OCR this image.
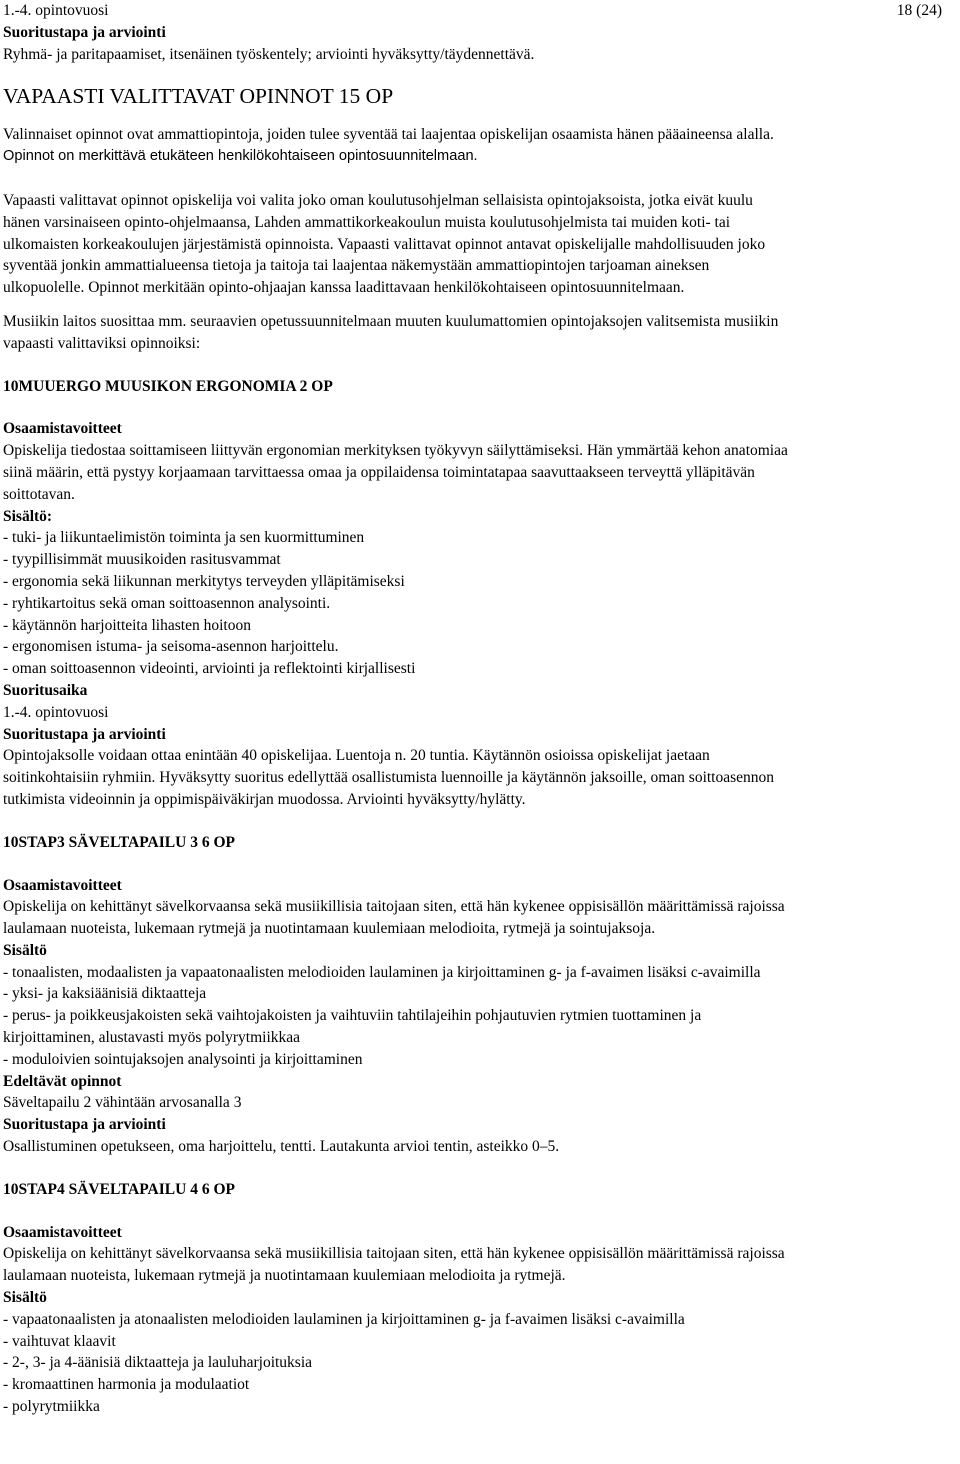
18 (24)

1.-4. opintovuosi

Suoritustapa ja arviointi

Ryhmä- ja paritapaamiset, itsenäinen työskentely; arviointi hyväksytty/täydennettävä.

VAPAASTI VALITTAVAT OPINNOT 15 OP

Valinnaiset opinnot ovat ammattiopintoja, joiden tulee syventää tai laajentaa opiskelijan osaamista hänen pääaineensa alalla.

Opinnot on merkittävä etukäteen henkilökohtaiseen opintosuunnitelmaan.

Vapaasti valittavat opinnot opiskelija voi valita joko oman koulutusohjelman sellaisista opintojaksoista, jotka eivät kuulu

hänen varsinaiseen opinto-ohjelmaansa, Lahden ammattikorkeakoulun muista koulutusohjelmista tai muiden koti- tai

ulkomaisten korkeakoulujen järjestämistä opinnoista. Vapaasti valittavat opinnot antavat opiskelijalle mahdollisuuden joko

syventää jonkin ammattialueensa tietoja ja taitoja tai laajentaa näkemystään ammattiopintojen tarjoaman aineksen

ulkopuolelle. Opinnot merkitään opinto-ohjaajan kanssa laadittavaan henkilökohtaiseen opintosuunnitelmaan.

Musiikin laitos suosittaa mm. seuraavien opetussuunnitelmaan muuten kuulumattomien opintojaksojen valitsemista musiikin

vapaasti valittaviksi opinnoiksi:

10MUUERGO MUUSIKON ERGONOMIA 2 OP

Osaamistavoitteet

Opiskelija tiedostaa soittamiseen liittyvän ergonomian merkityksen työkyvyn säilyttämiseksi. Hän ymmärtää kehon anatomiaa

siinä määrin, että pystyy korjaamaan tarvittaessa omaa ja oppilaidensa toimintatapaa saavuttaakseen terveyttä ylläpitävän

soittotavan.

Sisältö:

- tuki- ja liikuntaelimistön toiminta ja sen kuormittuminen

- tyypillisimmät muusikoiden rasitusvammat

- ergonomia sekä liikunnan merkitytys terveyden ylläpitämiseksi

- ryhtikartoitus sekä oman soittoasennon analysointi.

- käytännön harjoitteita lihasten hoitoon

- ergonomisen istuma- ja seisoma-asennon harjoittelu.

- oman soittoasennon videointi, arviointi ja reflektointi kirjallisesti

Suoritusaika

1.-4. opintovuosi

Suoritustapa ja arviointi

Opintojaksolle voidaan ottaa enintään 40 opiskelijaa. Luentoja n. 20 tuntia. Käytännön osioissa opiskelijat jaetaan

soitinkohtaisiin ryhmiin. Hyväksytty suoritus edellyttää osallistumista luennoille ja käytännön jaksoille, oman soittoasennon

tutkimista videoinnin ja oppimispäiväkirjan muodossa. Arviointi hyväksytty/hylätty.

10STAP3 SÄVELTAPAILU 3 6 OP

Osaamistavoitteet

Opiskelija on kehittänyt sävelkorvaansa sekä musiikillisia taitojaan siten, että hän kykenee oppisisällön määrittämissä rajoissa

laulamaan nuoteista, lukemaan rytmejä ja nuotintamaan kuulemiaan melodioita, rytmejä ja sointujaksoja.

Sisältö

- tonaalisten, modaalisten ja vapaatonaalisten melodioiden laulaminen ja kirjoittaminen g- ja f-avaimen lisäksi c-avaimilla

- yksi- ja kaksiäänisiä diktaatteja

- perus- ja poikkeusjakoisten sekä vaihtojakoisten ja vaihtuviin tahtilajeihin pohjautuvien rytmien tuottaminen ja

kirjoittaminen, alustavasti myös polyrytmiikkaa

- moduloivien sointujaksojen analysointi ja kirjoittaminen

Edeltävät opinnot

Säveltapailu 2 vähintään arvosanalla 3

Suoritustapa ja arviointi

Osallistuminen opetukseen, oma harjoittelu, tentti. Lautakunta arvioi tentin, asteikko 0–5.

10STAP4 SÄVELTAPAILU 4 6 OP

Osaamistavoitteet

Opiskelija on kehittänyt sävelkorvaansa sekä musiikillisia taitojaan siten, että hän kykenee oppisisällön määrittämissä rajoissa

laulamaan nuoteista, lukemaan rytmejä ja nuotintamaan kuulemiaan melodioita ja rytmejä.

Sisältö

- vapaatonaalisten ja atonaalisten melodioiden laulaminen ja kirjoittaminen g- ja f-avaimen lisäksi c-avaimilla

- vaihtuvat klaavit

- 2-, 3- ja 4-äänisiä diktaatteja ja lauluharjoituksia

- kromaattinen harmonia ja modulaatiot

- polyrytmiikka
